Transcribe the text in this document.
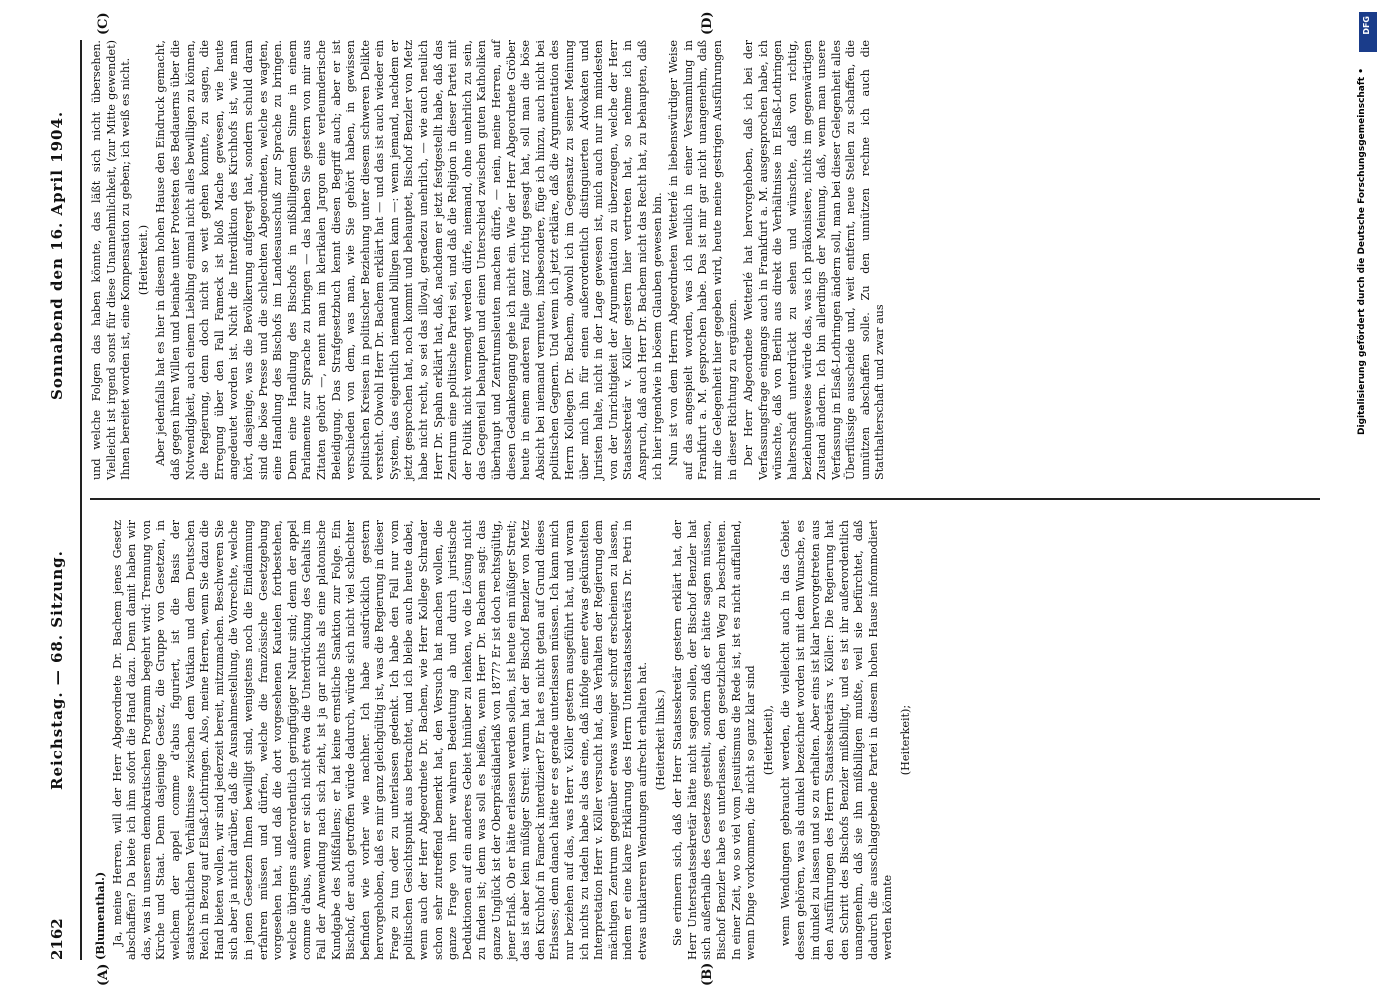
2162
Reichstag. — 68. Sitzung.
Sonnabend den 16. April 1904.
(A)	(B)
(C)	(D)

(Blumenthal.) Ja, meine Herren, will der Herr Abgeordnete Dr. Bachem jenes Gesetz abschaffen? Da biete ich ihm sofort die Hand dazu. Denn damit haben wir das, was in unserem demokratischen Programm begehrt wird: Trennung von Kirche und Staat. Denn dasjenige Gesetz, die Gruppe von Gesetzen, in welchem der appel comme d'abus figuriert, ist die Basis der staatsrechtlichen Verhältnisse zwischen dem Vatikan und dem Deutschen Reich in Bezug auf Elsaß-Lothringen. Also, meine Herren, wenn Sie dazu die Hand bieten wollen, wir sind jederzeit bereit, mitzumachen. Beschweren Sie sich aber ja nicht darüber, daß die Ausnahmestellung, die Vorrechte, welche in jenen Gesetzen Ihnen bewilligt sind, wenigstens noch die Eindämmung erfahren müssen und dürfen, welche die französische Gesetzgebung vorgesehen hat, und daß die dort vorgesehenen Kautelen fortbestehen, welche übrigens außerordentlich geringfügiger Natur sind; denn der appel comme d'abus, wenn er sich nicht etwa die Unterdrückung des Gehalts im Fall der Anwendung nach sich zieht, ist ja gar nichts als eine platonische Kundgabe des Mißfallens; er hat keine ernstliche Sanktion zur Folge. Ein Bischof, der auch getroffen würde dadurch, würde sich nicht viel schlechter befinden wie vorher wie nachher. Ich habe ausdrücklich gestern hervorgehoben, daß es mir ganz gleichgültig ist, was die Regierung in dieser Frage zu tun oder zu unterlassen gedenkt. Ich habe den Fall nur vom politischen Gesichtspunkt aus betrachtet, und ich bleibe auch heute dabei, wenn auch der Herr Abgeordnete Dr. Bachem, wie Herr Kollege Schrader schon sehr zutreffend bemerkt hat, den Versuch hat machen wollen, die ganze Frage von ihrer wahren Bedeutung ab und durch juristische Deduktionen auf ein anderes Gebiet hinüber zu lenken, wo die Lösung nicht zu finden ist; denn was soll es heißen, wenn Herr Dr. Bachem sagt: das ganze Unglück ist der Oberpräsidialerlaß von 1877? Er ist doch rechtsgültig, jener Erlaß. Ob er hätte erlassen werden sollen, ist heute ein müßiger Streit; das ist aber kein müßiger Streit: warum hat der Bischof Benzler von Metz den Kirchhof in Fameck interdiziert? Er hat es nicht getan auf Grund dieses Erlasses; denn danach hätte er es gerade unterlassen müssen. Ich kann mich nur beziehen auf das, was Herr v. Köller gestern ausgeführt hat, und woran ich nichts zu tadeln habe als das eine, daß infolge einer etwas gekünstelten Interpretation Herr v. Köller versucht hat, das Verhalten der Regierung dem mächtigen Zentrum gegenüber etwas weniger schroff erscheinen zu lassen, indem er eine klare Erklärung des Herrn Unterstaatssekretärs Dr. Petri in etwas unklareren Wendungen aufrecht erhalten hat. (Heiterkeit links.) Sie erinnern sich, daß der Herr Staatssekretär gestern erklärt hat, der Herr Unterstaatssekretär hätte nicht sagen sollen, der Bischof Benzler hat sich außerhalb des Gesetzes gestellt, sondern daß er hätte sagen müssen, Bischof Benzler habe es unterlassen, den gesetzlichen Weg zu beschreiten. In einer Zeit, wo so viel vom Jesuitismus die Rede ist, ist es nicht auffallend, wenn Dinge vorkommen, die nicht so ganz klar sind (Heiterkeit), wenn Wendungen gebraucht werden, die vielleicht auch in das Gebiet dessen gehören, was als dunkel bezeichnet worden ist mit dem Wunsche, es im dunkel zu lassen und so zu erhalten. Aber eins ist klar hervorgetreten aus den Ausführungen des Herrn Staatssekretärs v. Köller: Die Regierung hat den Schritt des Bischofs Benzler mißbilligt, und es ist ihr außerordentlich unangenehm, daß sie ihn mißbilligen mußte, weil sie befürchtet, daß dadurch die ausschlaggebende Partei in diesem hohen Hause infommodiert werden könnte

(Heiterkeit);

und welche Folgen das haben könnte, das läßt sich nicht übersehen. Vielleicht ist irgend sonst für diese Unannehmlichkeit, (zur Mitte gewendet) Ihnen bereitet worden ist, eine Kompensation zu geben; ich weiß es nicht. (Heiterkeit.) Aber jedenfalls hat es hier in diesem hohen Hause den Eindruck gemacht, daß gegen ihren Willen und beinahe unter Protesten des Bedauerns über die Notwendigkeit, auch einem Liebling einmal nicht alles bewilligen zu können, die Regierung, denn doch nicht so weit gehen konnte, zu sagen, die Erregung über den Fall Fameck ist bloß Mache gewesen, wie heute angedeutet worden ist. Nicht die Interdiktion des Kirchhofs ist, wie man hört, dasjenige, was die Bevölkerung aufgeregt hat, sondern schuld daran sind die böse Presse und die schlechten Abgeordneten, welche es wagten, eine Handlung des Bischofs im Landesausschuß zur Sprache zu bringen. Denn eine Handlung des Bischofs in mißbilligendem Sinne in einem Parlamente zur Sprache zu bringen — das haben Sie gestern von mir aus Zitaten gehört —, nennt man im klerikalen Jargon eine verleumderische Beleidigung. Das Strafgesetzbuch kennt diesen Begriff auch; aber er ist verschieden von dem, was man, wie Sie gehört haben, in gewissen politischen Kreisen in politischer Beziehung unter diesem schweren Delikte versteht. Obwohl Herr Dr. Bachem erklärt hat — und das ist auch wieder ein System, das eigentlich niemand billigen kann —: wenn jemand, nachdem er jetzt gesprochen hat, noch kommt und behauptet, Bischof Benzler von Metz habe nicht recht, so sei das illoyal, geradezu unehrlich, — wie auch neulich Herr Dr. Spahn erklärt hat, daß, nachdem er jetzt festgestellt habe, daß das Zentrum eine politische Partei sei, und daß die Religion in dieser Partei mit der Politik nicht vermengt werden dürfe, niemand, ohne unehrlich zu sein, das Gegenteil behaupten und einen Unterschied zwischen guten Katholiken überhaupt und Zentrumsleuten machen dürfe, — nein, meine Herren, auf diesen Gedankengang gehe ich nicht ein. Wie der Herr Abgeordnete Gröber heute in einem anderen Falle ganz richtig gesagt hat, soll man die böse Absicht bei niemand vermuten, insbesondere, füge ich hinzu, auch nicht bei politischen Gegnern. Und wenn ich jetzt erkläre, daß die Argumentation des Herrn Kollegen Dr. Bachem, obwohl ich im Gegensatz zu seiner Meinung über mich ihn für einen außerordentlich distinguierten Advokaten und Juristen halte, nicht in der Lage gewesen ist, mich auch nur im mindesten von der Unrichtigkeit der Argumentation zu überzeugen, welche der Herr Staatssekretär v. Köller gestern hier vertreten hat, so nehme ich in Anspruch, daß auch Herr Dr. Bachem nicht das Recht hat, zu behaupten, daß ich hier irgendwie in bösem Glauben gewesen bin. Nun ist von dem Herrn Abgeordneten Wetterlé in liebenswürdiger Weise auf das angespielt worden, was ich neulich in einer Versammlung in Frankfurt a. M. gesprochen habe. Das ist mir gar nicht unangenehm, daß mir die Gelegenheit hier gegeben wird, heute meine gestrigen Ausführungen in dieser Richtung zu ergänzen. Der Herr Abgeordnete Wetterlé hat hervorgehoben, daß ich bei der Verfassungsfrage eingangs auch in Frankfurt a. M. ausgesprochen habe, ich wünschte, daß von Berlin aus direkt die Verhältnisse in Elsaß-Lothringen halterschaft unterdrückt zu sehen und wünschte, daß von richtig, beziehungsweise würde das, was ich präkonisiere, nichts im gegenwärtigen Zustand ändern. Ich bin allerdings der Meinung, daß, wenn man unsere Verfassung in Elsaß-Lothringen ändern soll, man bei dieser Gelegenheit alles Überflüssige ausscheide und, weit entfernt, neue Stellen zu schaffen, die unnützen abschaffen solle. Zu den unnützen rechne ich auch die Statthalterschaft und zwar aus

DFG
Digitalisierung gefördert durch die Deutsche Forschungsgemeinschaft •
